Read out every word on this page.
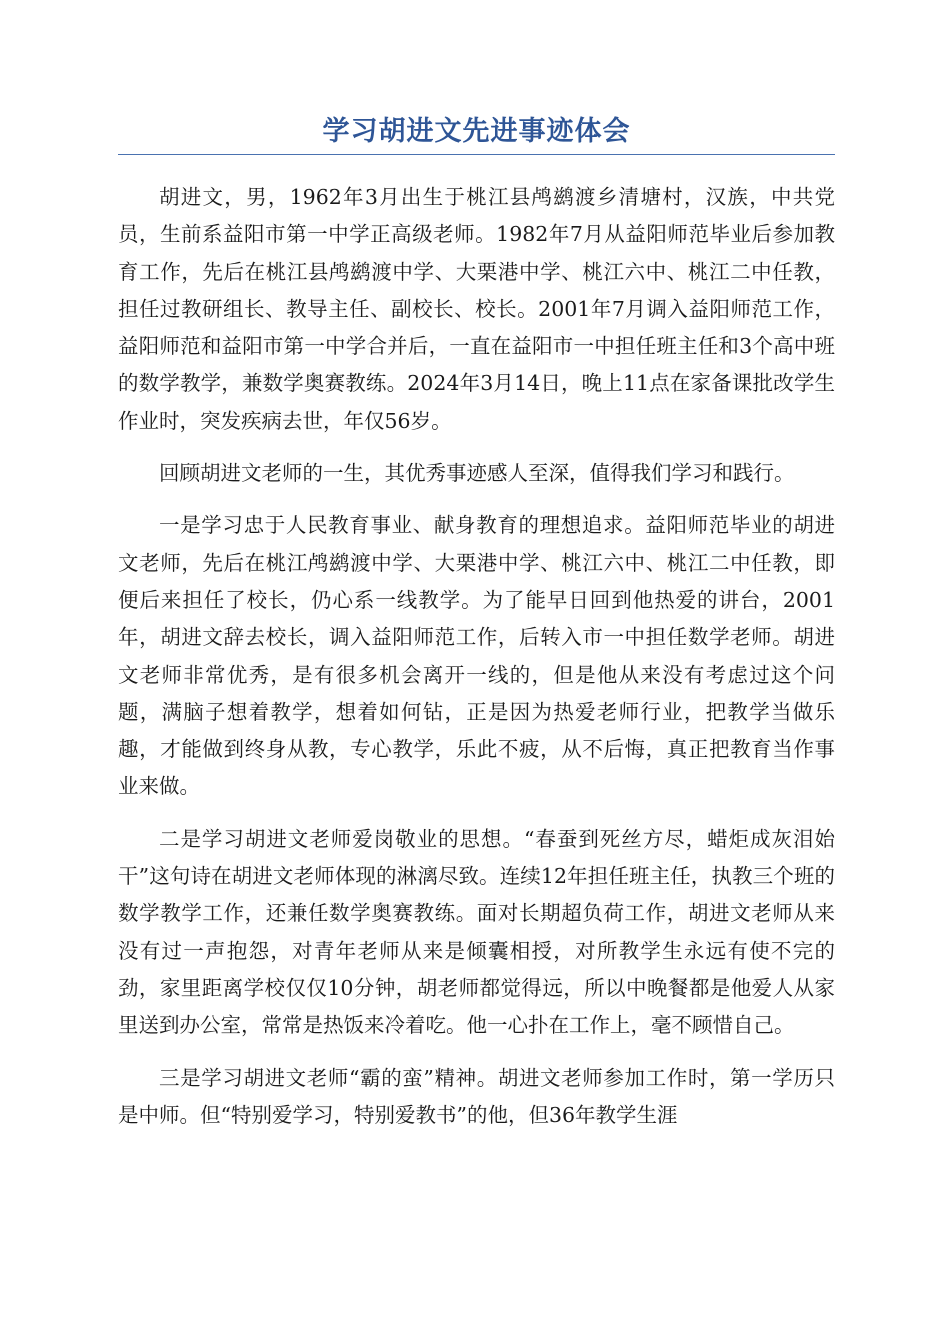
学习胡进文先进事迹体会

胡进文，男，1962年3月出生于桃江县鸬鹚渡乡清塘村，汉族，中共党员，生前系益阳市第一中学正高级老师。1982年7月从益阳师范毕业后参加教育工作，先后在桃江县鸬鹚渡中学、大栗港中学、桃江六中、桃江二中任教，担任过教研组长、教导主任、副校长、校长。2001年7月调入益阳师范工作，益阳师范和益阳市第一中学合并后，一直在益阳市一中担任班主任和3个高中班的数学教学，兼数学奥赛教练。2024年3月14日，晚上11点在家备课批改学生作业时，突发疾病去世，年仅56岁。

回顾胡进文老师的一生，其优秀事迹感人至深，值得我们学习和践行。

一是学习忠于人民教育事业、献身教育的理想追求。益阳师范毕业的胡进文老师，先后在桃江鸬鹚渡中学、大栗港中学、桃江六中、桃江二中任教，即便后来担任了校长，仍心系一线教学。为了能早日回到他热爱的讲台，2001年，胡进文辞去校长，调入益阳师范工作，后转入市一中担任数学老师。胡进文老师非常优秀，是有很多机会离开一线的，但是他从来没有考虑过这个问题，满脑子想着教学，想着如何钻，正是因为热爱老师行业，把教学当做乐趣，才能做到终身从教，专心教学，乐此不疲，从不后悔，真正把教育当作事业来做。

二是学习胡进文老师爱岗敬业的思想。“春蚕到死丝方尽，蜡炬成灰泪始干”这句诗在胡进文老师体现的淋漓尽致。连续12年担任班主任，执教三个班的数学教学工作，还兼任数学奥赛教练。面对长期超负荷工作，胡进文老师从来没有过一声抱怨，对青年老师从来是倾囊相授，对所教学生永远有使不完的劲，家里距离学校仅仅10分钟，胡老师都觉得远，所以中晚餐都是他爱人从家里送到办公室，常常是热饭来冷着吃。他一心扑在工作上，毫不顾惜自己。

三是学习胡进文老师“霸的蛮”精神。胡进文老师参加工作时，第一学历只是中师。但“特别爱学习，特别爱教书”的他，但36年教学生涯
